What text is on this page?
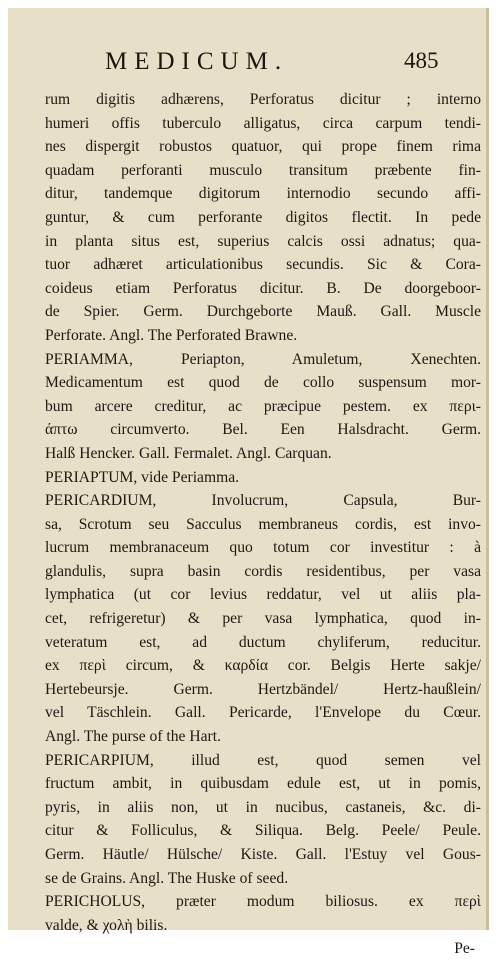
MEDICUM.	485
rum digitis adhærens, Perforatus dicitur ; interno
humeri offis tuberculo alligatus, circa carpum tendi-
nes dispergit robustos quatuor, qui prope finem rima
quadam perforanti musculo transitum præbente fin-
ditur, tandemque digitorum internodio secundo affi-
guntur, & cum perforante digitos flectit. In pede
in planta situs est, superius calcis ossi adnatus; qua-
tuor adhæret articulationibus secundis. Sic & Cora-
coideus etiam Perforatus dicitur. B. De doorgeboor-
de Spier. Germ. Durchgeborte Mauß. Gall. Muscle
Perforate. Angl. The Perforated Brawne.
PERIAMMA, Periapton, Amuletum, Xenechten.
Medicamentum est quod de collo suspensum mor-
bum arcere creditur, ac præcipue pestem. ex περι-
άπτω circumverto. Bel. Een Halsdracht. Germ.
Halß Hencker. Gall. Fermalet. Angl. Carquan.
PERIAPTUM, vide Periamma.
PERICARDIUM, Involucrum, Capsula, Bur-
sa, Scrotum seu Sacculus membraneus cordis, est invo-
lucrum membranaceum quo totum cor investitur : à
glandulis, supra basin cordis residentibus, per vasa
lymphatica (ut cor levius reddatur, vel ut aliis pla-
cet, refrigeretur) & per vasa lymphatica, quod in-
veteratum est, ad ductum chyliferum, reducitur.
ex περὶ circum, & καρδία cor. Belgis Herte sakje/
Hertebeursje. Germ. Hertzbändel/ Hertz-haußlein/
vel Täschlein. Gall. Pericarde, l'Envelope du Cœur.
Angl. The purse of the Hart.
PERICARPIUM, illud est, quod semen vel
fructum ambit, in quibusdam edule est, ut in pomis,
pyris, in aliis non, ut in nucibus, castaneis, &c. di-
citur & Folliculus, & Siliqua. Belg. Peele/ Peule.
Germ. Häutle/ Hülsche/ Kiste. Gall. l'Estuy vel Gous-
se de Grains. Angl. The Huske of seed.
PERICHOLUS, præter modum biliosus. ex περὶ
valde, & χολὴ bilis.
Pe-
